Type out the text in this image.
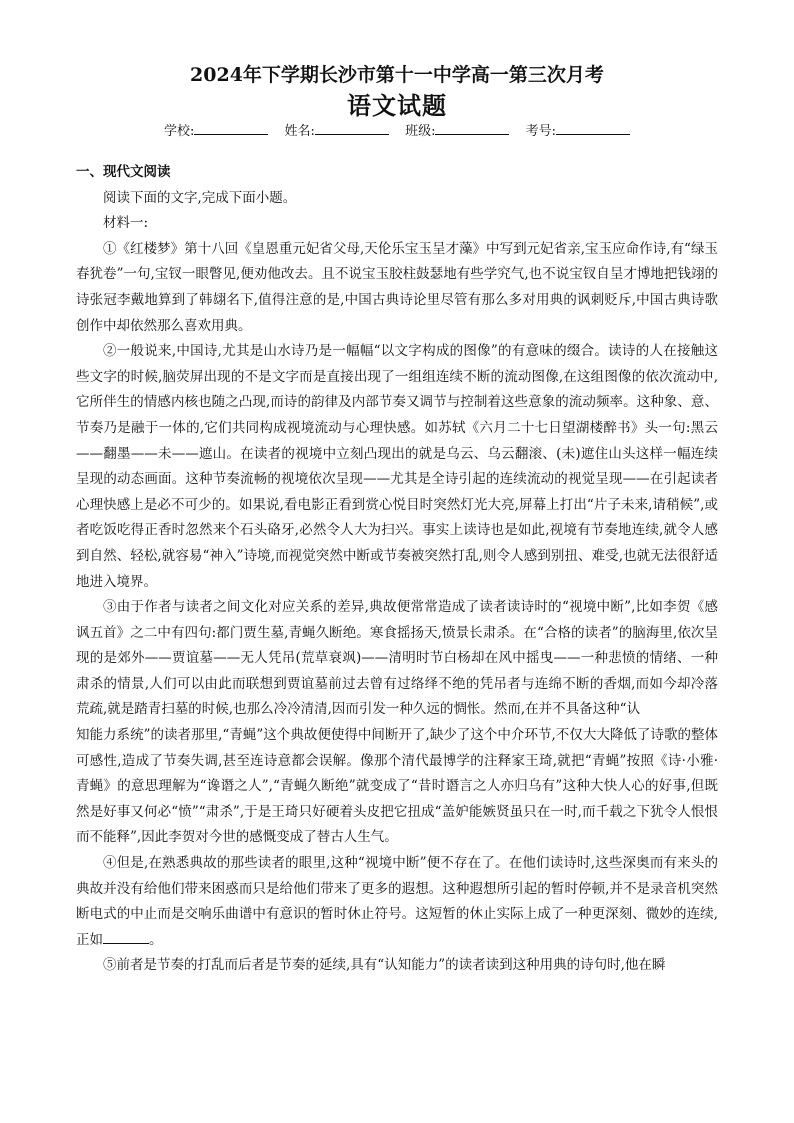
2024年下学期长沙市第十一中学高一第三次月考
语文试题
学校:	姓名:	班级:	考号:

一、现代文阅读

阅读下面的文字,完成下面小题。

材料一:

①《红楼梦》第十八回《皇恩重元妃省父母,天伦乐宝玉呈才藻》中写到元妃省亲,宝玉应命作诗,有“绿玉春犹卷”一句,宝钗一眼瞥见,便劝他改去。且不说宝玉胶柱鼓瑟地有些学究气,也不说宝钗自呈才博地把钱翊的诗张冠李戴地算到了韩翃名下,值得注意的是,中国古典诗论里尽管有那么多对用典的讽刺贬斥,中国古典诗歌创作中却依然那么喜欢用典。

②一般说来,中国诗,尤其是山水诗乃是一幅幅“以文字构成的图像”的有意味的缀合。读诗的人在接触这些文字的时候,脑荧屏出现的不是文字而是直接出现了一组组连续不断的流动图像,在这组图像的依次流动中,它所伴生的情感内核也随之凸现,而诗的韵律及内部节奏又调节与控制着这些意象的流动频率。这种象、意、节奏乃是融于一体的,它们共同构成视境流动与心理快感。如苏轼《六月二十七日望湖楼醉书》头一句:黑云——翻墨——未——遮山。在读者的视境中立刻凸现出的就是乌云、乌云翻滚、(未)遮住山头这样一幅连续呈现的动态画面。这种节奏流畅的视境依次呈现——尤其是全诗引起的连续流动的视觉呈现——在引起读者心理快感上是必不可少的。如果说,看电影正看到赏心悦目时突然灯光大亮,屏幕上打出“片子未来,请稍候”,或者吃饭吃得正香时忽然来个石头硌牙,必然令人大为扫兴。事实上读诗也是如此,视境有节奏地连续,就令人感到自然、轻松,就容易“神入”诗境,而视觉突然中断或节奏被突然打乱,则令人感到别扭、难受,也就无法很舒适地进入境界。

③由于作者与读者之间文化对应关系的差异,典故便常常造成了读者读诗时的“视境中断”,比如李贺《感讽五首》之二中有四句:都门贾生墓,青蝇久断绝。寒食摇扬天,愤景长肃杀。在“合格的读者”的脑海里,依次呈现的是郊外——贾谊墓——无人凭吊(荒草衰飒)——清明时节白杨却在风中摇曳——一种悲愤的情绪、一种肃杀的情景,人们可以由此而联想到贾谊墓前过去曾有过络绎不绝的凭吊者与连绵不断的香烟,而如今却冷落荒疏,就是踏青扫墓的时候,也那么冷冷清清,因而引发一种久远的惆怅。然而,在并不具备这种“认

知能力系统”的读者那里,“青蝇”这个典故便使得中间断开了,缺少了这个中介环节,不仅大大降低了诗歌的整体可感性,造成了节奏失调,甚至连诗意都会误解。像那个清代最博学的注释家王琦,就把“青蝇”按照《诗·小雅·青蝇》的意思理解为“谗谮之人”,“青蝇久断绝”就变成了“昔时谮言之人亦归乌有”这种大快人心的好事,但既然是好事又何必“愤”“肃杀”,于是王琦只好硬着头皮把它扭成“盖妒能嫉贤虽只在一时,而千载之下犹令人恨恨而不能释”,因此李贺对今世的感慨变成了替古人生气。

④但是,在熟悉典故的那些读者的眼里,这种“视境中断”便不存在了。在他们读诗时,这些深奥而有来头的典故并没有给他们带来困惑而只是给他们带来了更多的遐想。这种遐想所引起的暂时停顿,并不是录音机突然断电式的中止而是交响乐曲谱中有意识的暂时休止符号。这短暂的休止实际上成了一种更深刻、微妙的连续,正如	。

⑤前者是节奏的打乱而后者是节奏的延续,具有“认知能力”的读者读到这种用典的诗句时,他在瞬
